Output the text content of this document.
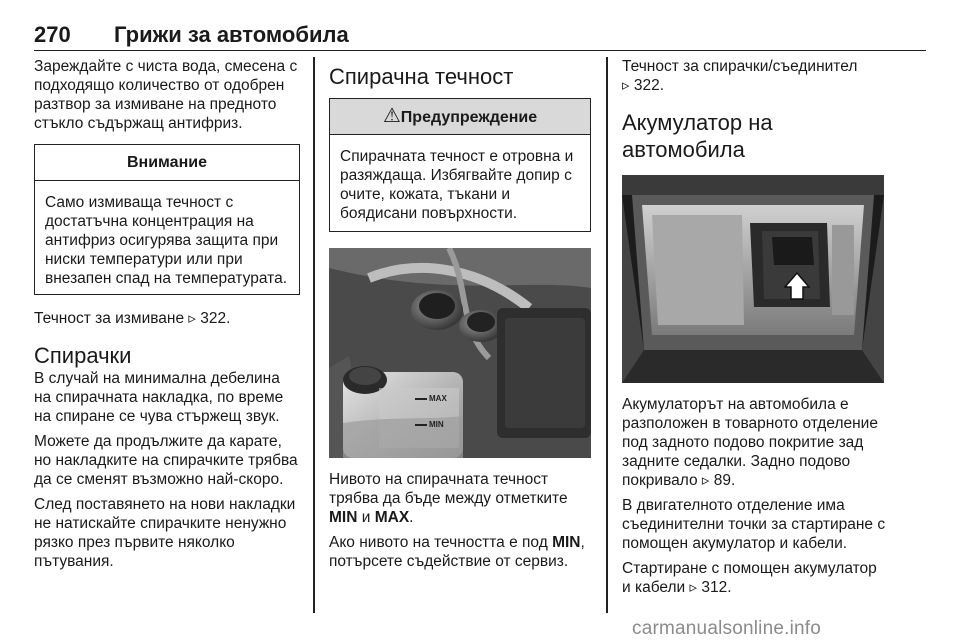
270 Грижи за автомобила

Зареждайте с чиста вода, смесена с подходящо количество от одобрен разтвор за измиване на предното стъкло съдържащ антифриз.

Внимание
Само измиваща течност с достатъчна концентрация на антифриз осигурява защита при ниски температури или при внезапен спад на температурата.

Течност за измиване ▹ 322.

Спирачки

В случай на минимална дебелина на спирачната накладка, по време на спиране се чува стържещ звук.

Можете да продължите да карате, но накладките на спирачките трябва да се сменят възможно най-скоро.

След поставянето на нови накладки не натискайте спирачките ненужно рязко през първите няколко пътувания.

Спирачна течност
⚠Предупреждение
Спирачната течност е отровна и разяждаща. Избягвайте допир с очите, кожата, тъкани и боядисани повърхности.
MAX
MIN

Нивото на спирачната течност трябва да бъде между отметките MIN и MAX.

Ако нивото на течността е под MIN, потърсете съдействие от сервиз.

Течност за спирачки/съединител
▹ 322.

Акумулатор на автомобила

Акумулаторът на автомобила е разположен в товарното отделение под задното подово покритие зад задните седалки. Задно подово покривало ▹ 89.

В двигателното отделение има съединителни точки за стартиране с помощен акумулатор и кабели.

Стартиране с помощен акумулатор и кабели ▹ 312.

carmanualsonline.info
